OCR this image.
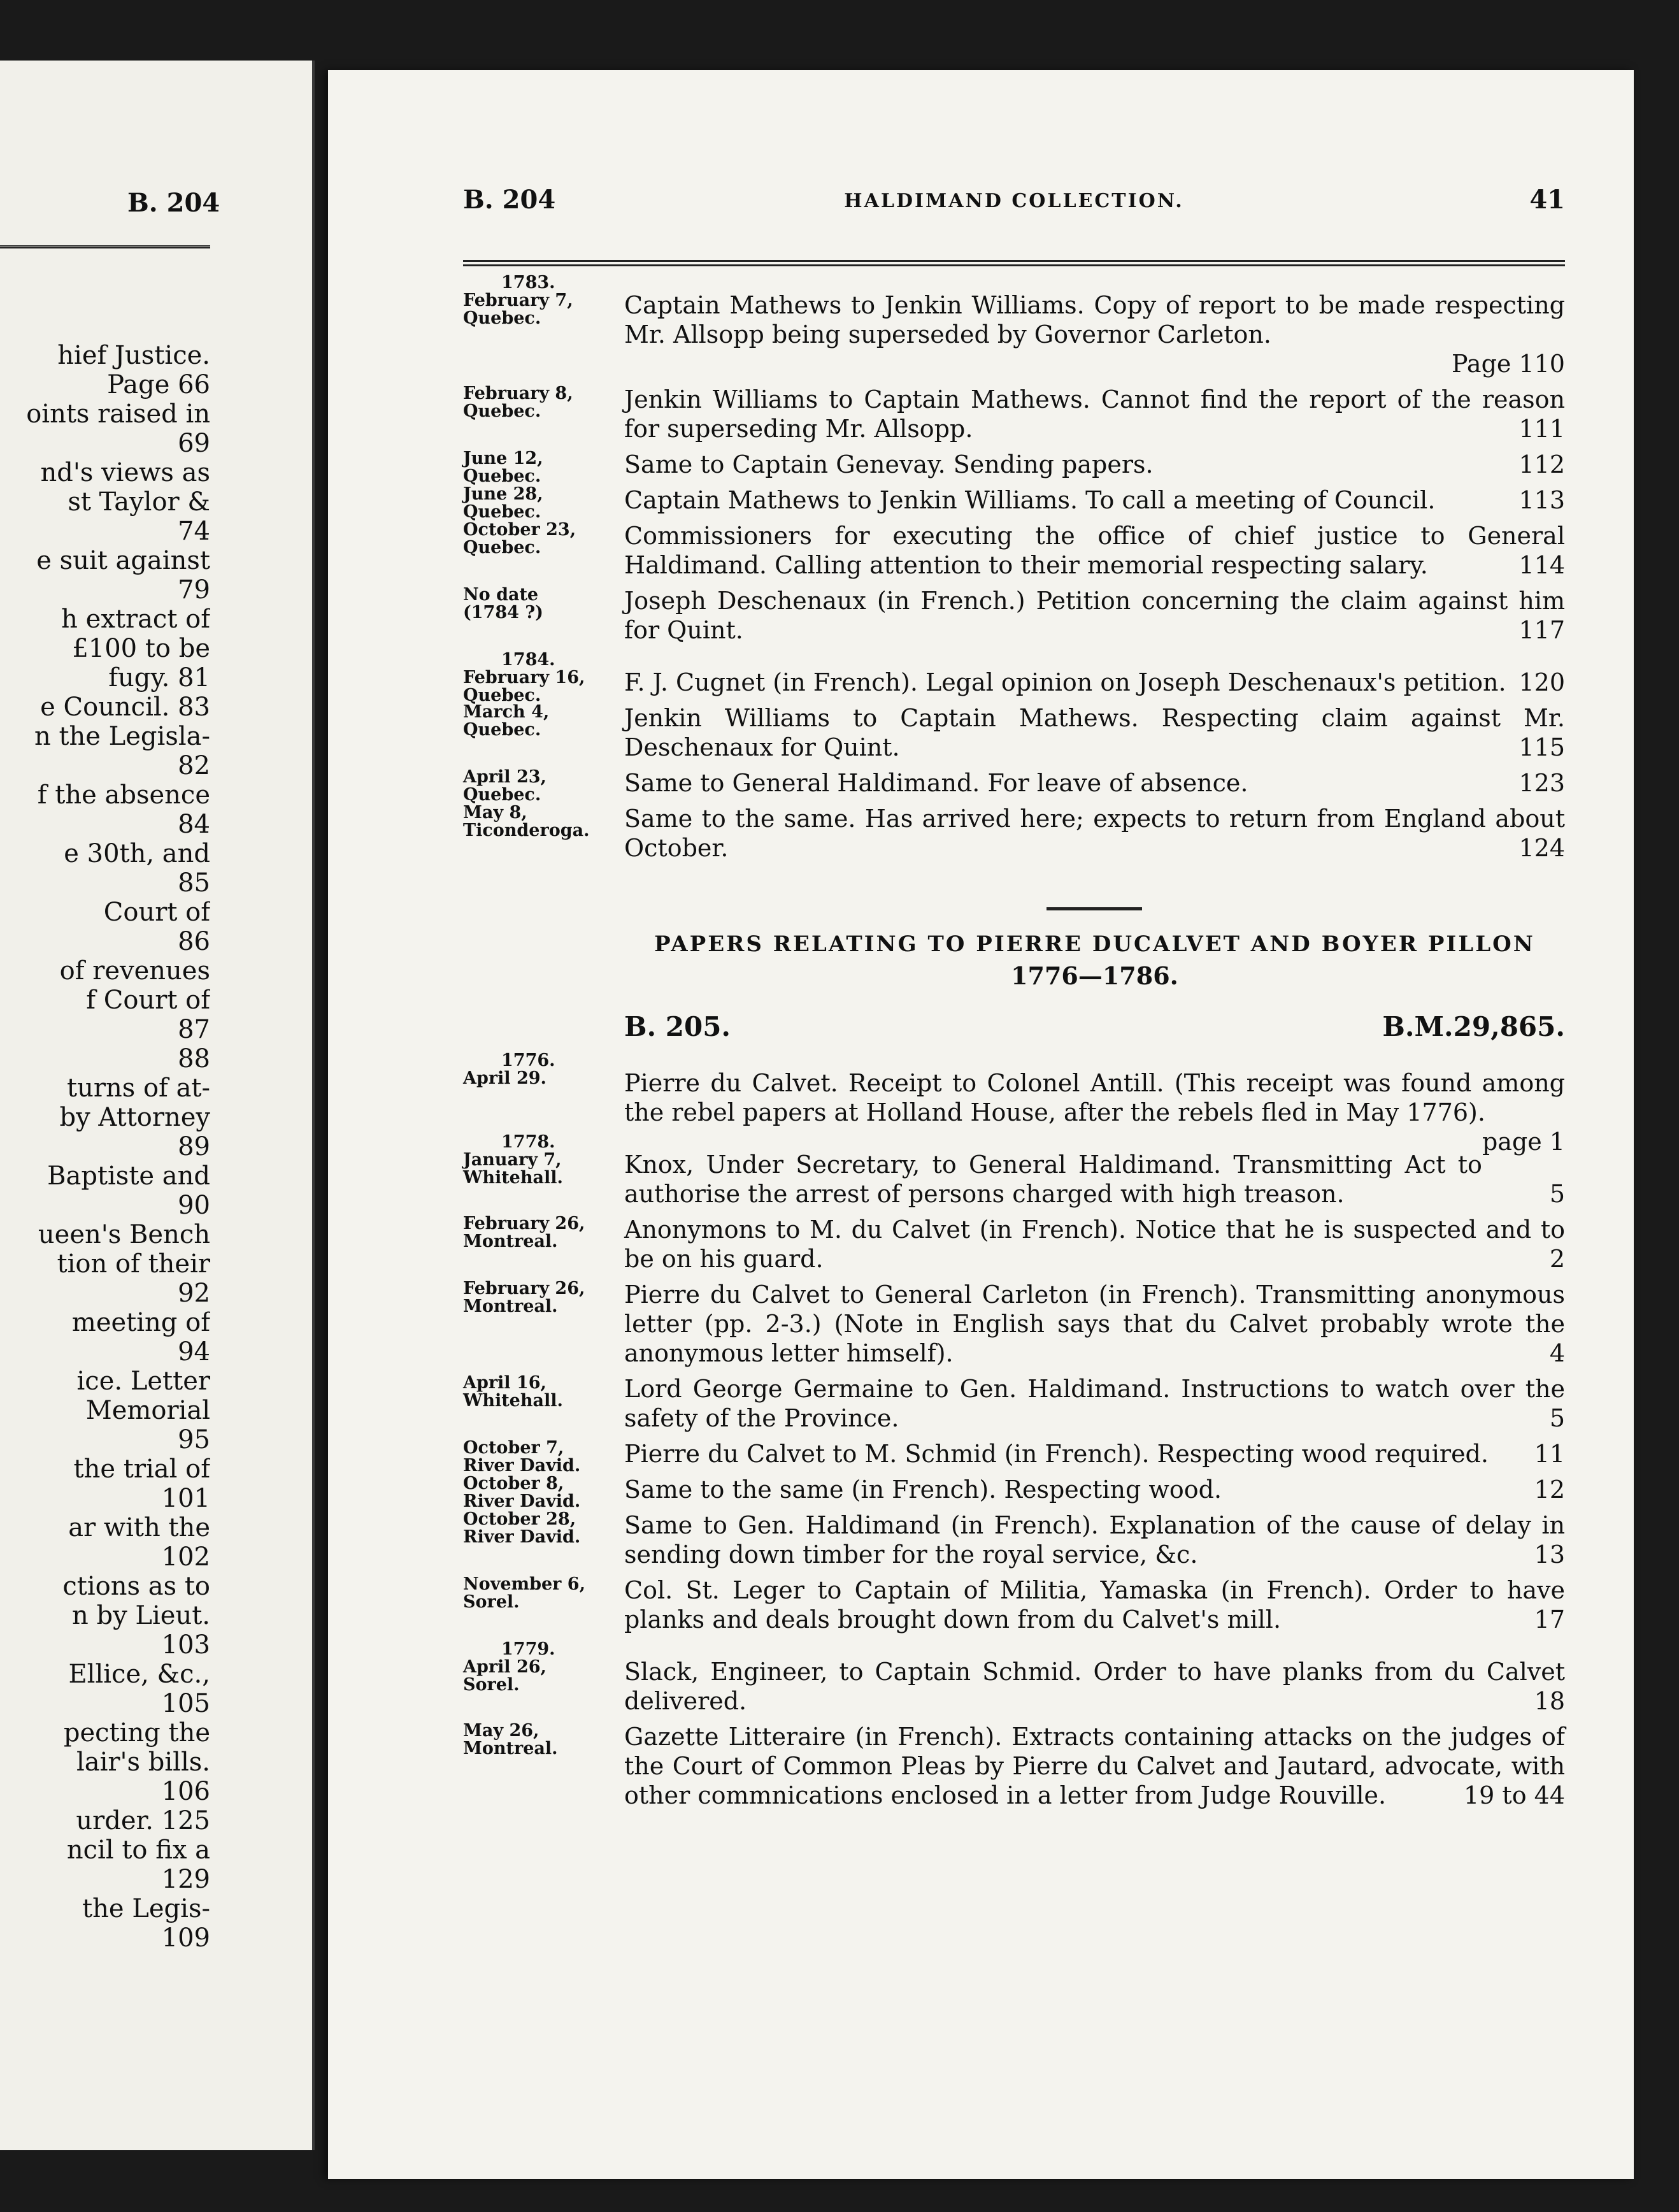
B. 204
hief Justice.
Page 66
oints raised in
69
nd's views as
st Taylor &
74
e suit against
79
h extract of
£100 to be
fugy. 81
e Council. 83
n the Legisla-
82
f the absence
84
e 30th, and
85
Court of
86
of revenues
f Court of
87
88
turns of at-
by Attorney
89
Baptiste and
90
ueen's Bench
tion of their
92
meeting of
94
ice. Letter
Memorial
95
the trial of
101
ar with the
102
ctions as to
n by Lieut.
103
Ellice, &c.,
105
pecting the
lair's bills.
106
urder. 125
ncil to fix a
129
the Legis-
109
B. 204	HALDIMAND COLLECTION.	41
1783.
February 7,
Quebec.	Captain Mathews to Jenkin Williams. Copy of report to be made respecting Mr. Allsopp being superseded by Governor Carleton.
Page 110
February 8,
Quebec.	Jenkin Williams to Captain Mathews. Cannot find the report of the reason for superseding Mr. Allsopp.	111
June 12,
Quebec.	Same to Captain Genevay. Sending papers.	112
June 28,
Quebec.	Captain Mathews to Jenkin Williams. To call a meeting of Council.	113
October 23,
Quebec.	Commissioners for executing the office of chief justice to General Haldimand. Calling attention to their memorial respecting salary.	114
No date
(1784 ?)	Joseph Deschenaux (in French.) Petition concerning the claim against him for Quint.	117
1784.
February 16,
Quebec.	F. J. Cugnet (in French). Legal opinion on Joseph Deschenaux's petition. 120
March 4,
Quebec.	Jenkin Williams to Captain Mathews. Respecting claim against Mr. Deschenaux for Quint.	115
April 23,
Quebec.	Same to General Haldimand. For leave of absence.	123
May 8,
Ticonderoga.	Same to the same. Has arrived here; expects to return from England about October.	124
PAPERS RELATING TO PIERRE DUCALVET AND BOYER PILLON
1776—1786.
B. 205.	B.M.29,865.
1776.
April 29.	Pierre du Calvet. Receipt to Colonel Antill. (This receipt was found among the rebel papers at Holland House, after the rebels fled in May 1776).
page 1
1778.
January 7,
Whitehall.	Knox, Under Secretary, to General Haldimand. Transmitting Act to authorise the arrest of persons charged with high treason.	5
February 26,
Montreal.	Anonymons to M. du Calvet (in French). Notice that he is suspected and to be on his guard.	2
February 26,
Montreal.	Pierre du Calvet to General Carleton (in French). Transmitting anonymous letter (pp. 2-3.) (Note in English says that du Calvet probably wrote the anonymous letter himself).	4
April 16,
Whitehall.	Lord George Germaine to Gen. Haldimand. Instructions to watch over the safety of the Province.	5
October 7,
River David.	Pierre du Calvet to M. Schmid (in French). Respecting wood required. 11
October 8,
River David.	Same to the same (in French). Respecting wood.	12
October 28,
River David.	Same to Gen. Haldimand (in French). Explanation of the cause of delay in sending down timber for the royal service, &c.	13
November 6,
Sorel.	Col. St. Leger to Captain of Militia, Yamaska (in French). Order to have planks and deals brought down from du Calvet's mill.	17
1779.
April 26,
Sorel.	Slack, Engineer, to Captain Schmid. Order to have planks from du Calvet delivered.	18
May 26,
Montreal.	Gazette Litteraire (in French). Extracts containing attacks on the judges of the Court of Common Pleas by Pierre du Calvet and Jautard, advocate, with other commnications enclosed in a letter from Judge Rouville.	19 to 44
